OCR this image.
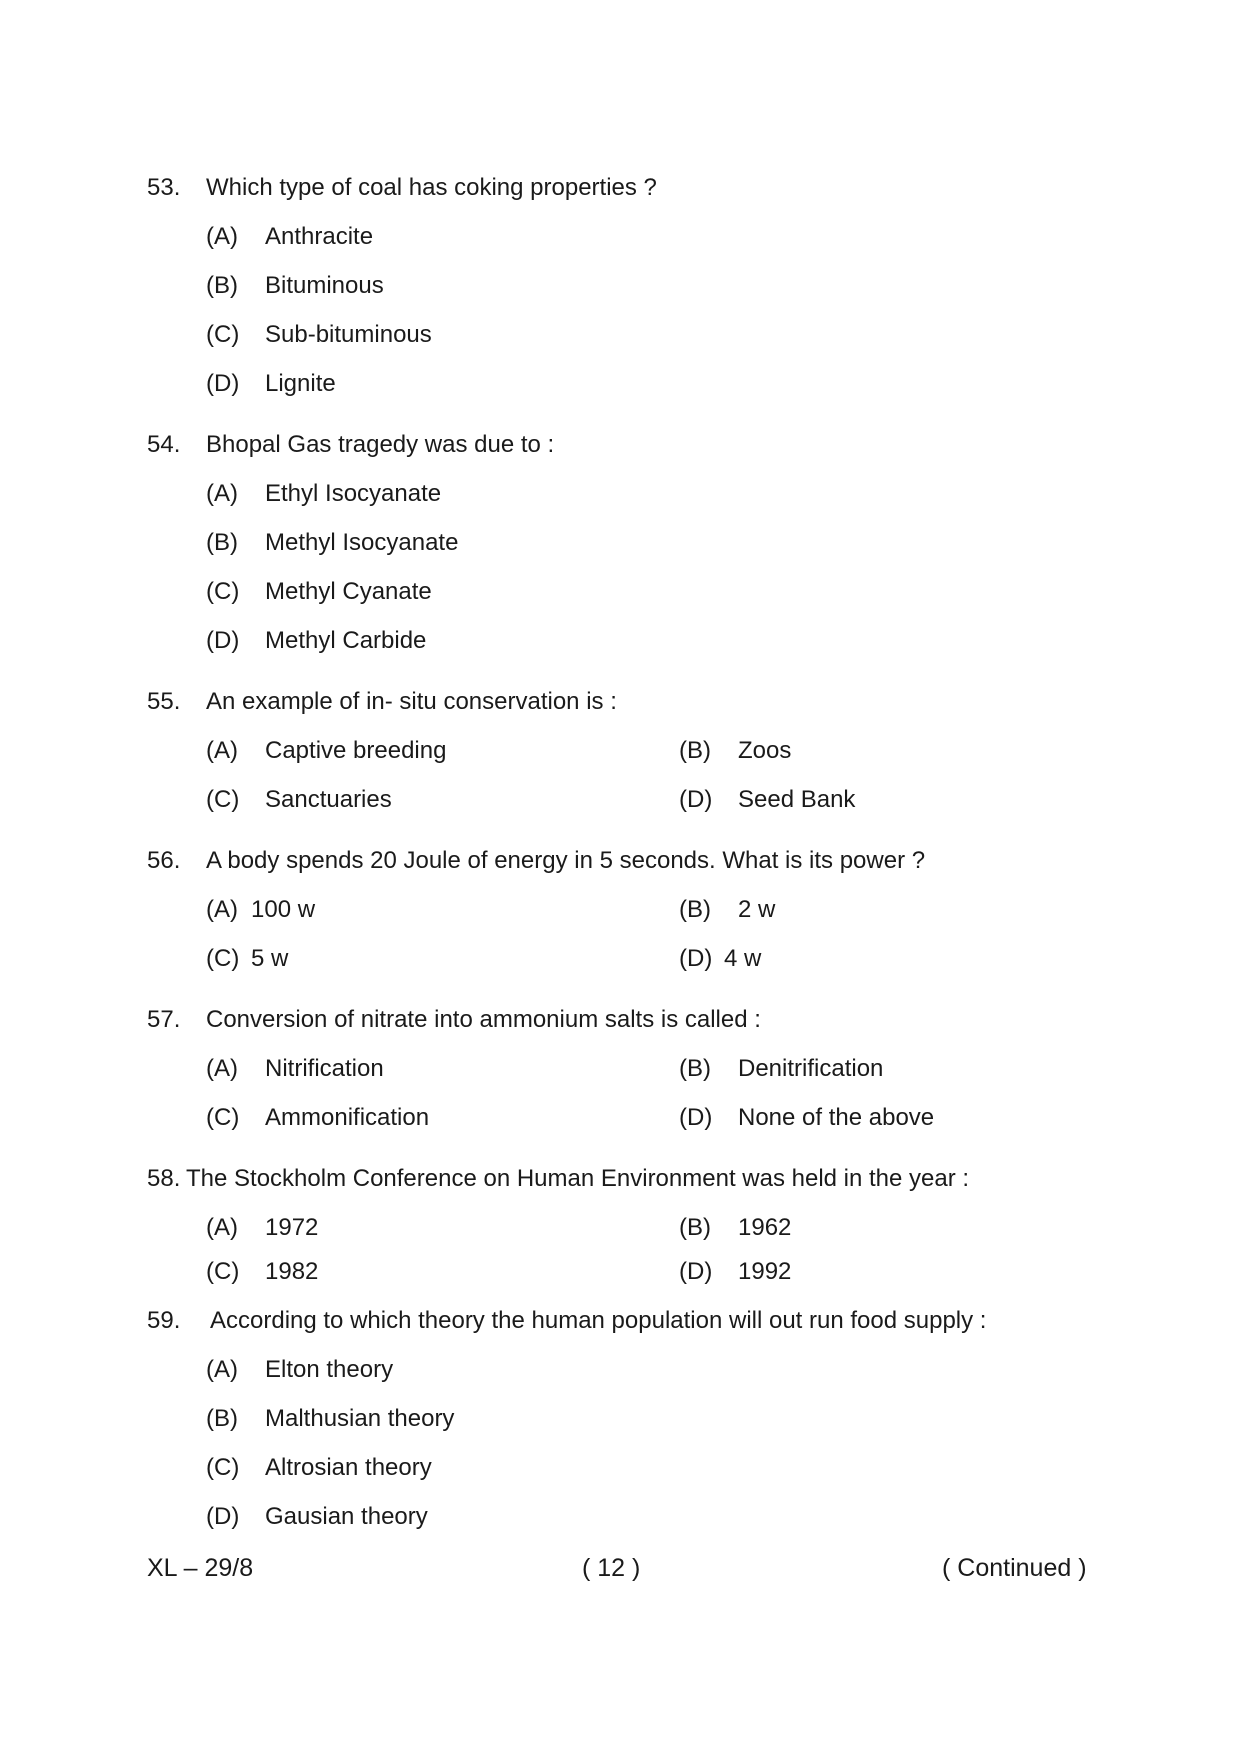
53. Which type of coal has coking properties ?
(A) Anthracite
(B) Bituminous
(C) Sub-bituminous
(D) Lignite
54. Bhopal Gas tragedy was due to :
(A) Ethyl Isocyanate
(B) Methyl Isocyanate
(C) Methyl Cyanate
(D) Methyl Carbide
55. An example of in- situ conservation is :
(A) Captive breeding	(B) Zoos
(C) Sanctuaries	(D) Seed Bank
56. A body spends 20 Joule of energy in 5 seconds. What is its power ?
(A) 100 w	(B) 2 w
(C) 5 w	(D) 4 w
57. Conversion of nitrate into ammonium salts is called :
(A) Nitrification	(B) Denitrification
(C) Ammonification	(D) None of the above
58. The Stockholm Conference on Human Environment was held in the year :
(A) 1972	(B) 1962
(C) 1982	(D) 1992
59. According to which theory the human population will out run food supply :
(A) Elton theory
(B) Malthusian theory
(C) Altrosian theory
(D) Gausian theory
XL – 29/8	( 12 )	( Continued )
